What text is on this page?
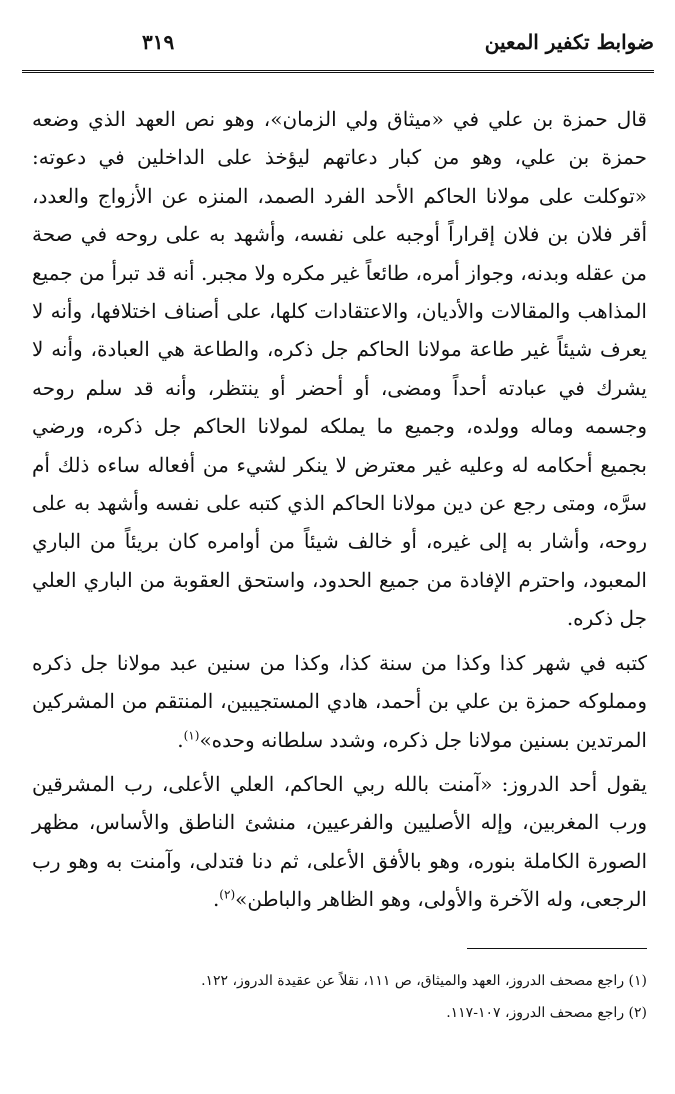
ضوابط تكفير المعين
٣١٩

قال حمزة بن علي في «ميثاق ولي الزمان»، وهو نص العهد الذي وضعه حمزة بن علي، وهو من كبار دعاتهم ليؤخذ على الداخلين في دعوته: «توكلت على مولانا الحاكم الأحد الفرد الصمد، المنزه عن الأزواج والعدد، أقر فلان بن فلان إقراراً أوجبه على نفسه، وأشهد به على روحه في صحة من عقله وبدنه، وجواز أمره، طائعاً غير مكره ولا مجبر. أنه قد تبرأ من جميع المذاهب والمقالات والأديان، والاعتقادات كلها، على أصناف اختلافها، وأنه لا يعرف شيئاً غير طاعة مولانا الحاكم جل ذكره، والطاعة هي العبادة، وأنه لا يشرك في عبادته أحداً ومضى، أو أحضر أو ينتظر، وأنه قد سلم روحه وجسمه وماله وولده، وجميع ما يملكه لمولانا الحاكم جل ذكره، ورضي بجميع أحكامه له وعليه غير معترض لا ينكر لشيء من أفعاله ساءه ذلك أم سرَّه، ومتى رجع عن دين مولانا الحاكم الذي كتبه على نفسه وأشهد به على روحه، وأشار به إلى غيره، أو خالف شيئاً من أوامره كان بريئاً من الباري المعبود، واحترم الإفادة من جميع الحدود، واستحق العقوبة من الباري العلي جل ذكره.

كتبه في شهر كذا وكذا من سنة كذا، وكذا من سنين عبد مولانا جل ذكره ومملوكه حمزة بن علي بن أحمد، هادي المستجيبين، المنتقم من المشركين المرتدين بسنين مولانا جل ذكره، وشدد سلطانه وحده»$^{(١)}$.

يقول أحد الدروز: «آمنت بالله ربي الحاكم، العلي الأعلى، رب المشرقين ورب المغربين، وإله الأصليين والفرعيين، منشئ الناطق والأساس، مظهر الصورة الكاملة بنوره، وهو بالأفق الأعلى، ثم دنا فتدلى، وآمنت به وهو رب الرجعى، وله الآخرة والأولى، وهو الظاهر والباطن»$^{(٢)}$.

(١) راجع مصحف الدروز، العهد والميثاق، ص ١١١، نقلاً عن عقيدة الدروز، ١٢٢.

(٢) راجع مصحف الدروز، ١٠٧-١١٧.
